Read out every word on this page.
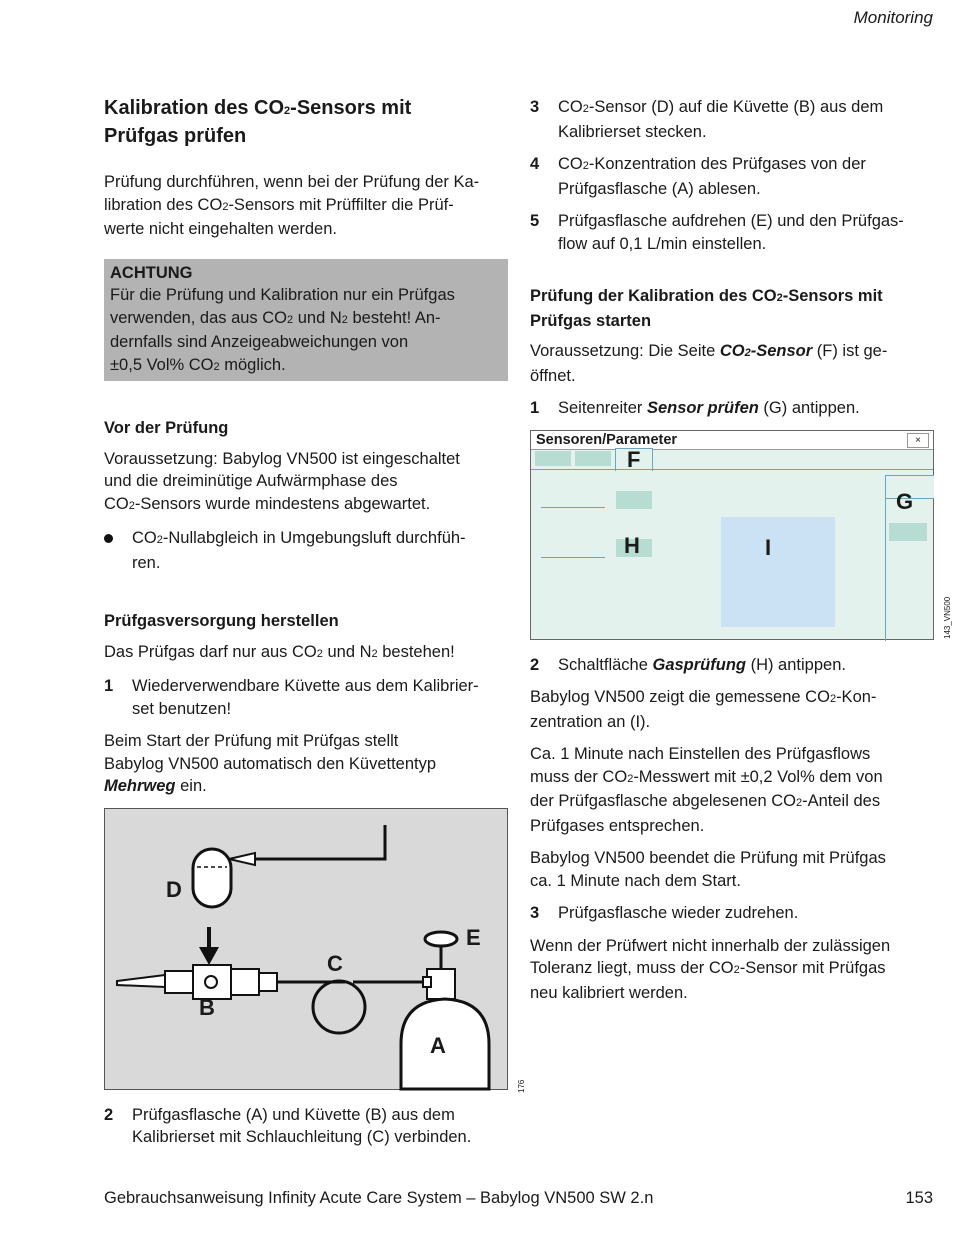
Monitoring
Kalibration des CO2-Sensors mit
Prüfgas prüfen

Prüfung durchführen, wenn bei der Prüfung der Ka-
libration des CO2-Sensors mit Prüffilter die Prüf-
werte nicht eingehalten werden.

ACHTUNG
Für die Prüfung und Kalibration nur ein Prüfgas
verwenden, das aus CO2 und N2 besteht! An-
dernfalls sind Anzeigeabweichungen von
±0,5 Vol% CO2 möglich.
Vor der Prüfung

Voraussetzung: Babylog VN500 ist eingeschaltet
und die dreiminütige Aufwärmphase des
CO2-Sensors wurde mindestens abgewartet.

CO2-Nullabgleich in Umgebungsluft durchfüh-
ren.
Prüfgasversorgung herstellen

Das Prüfgas darf nur aus CO2 und N2 bestehen!

1	Wiederverwendbare Küvette aus dem Kalibrier-
set benutzen!

Beim Start der Prüfung mit Prüfgas stellt
Babylog VN500 automatisch den Küvettentyp
Mehrweg ein.

D
B
C
E
A
176
2	Prüfgasflasche (A) und Küvette (B) aus dem
Kalibrierset mit Schlauchleitung (C) verbinden.
3	CO2-Sensor (D) auf die Küvette (B) aus dem
Kalibrierset stecken.
4	CO2-Konzentration des Prüfgases von der
Prüfgasflasche (A) ablesen.
5	Prüfgasflasche aufdrehen (E) und den Prüfgas-
flow auf 0,1 L/min einstellen.
Prüfung der Kalibration des CO2-Sensors mit
Prüfgas starten

Voraussetzung: Die Seite CO2-Sensor (F) ist ge-
öffnet.

1	Seitenreiter Sensor prüfen (G) antippen.
Sensoren/Parameter	×
F
G
H	I
143_VN500
2	Schaltfläche Gasprüfung (H) antippen.

Babylog VN500 zeigt die gemessene CO2-Kon-
zentration an (I).

Ca. 1 Minute nach Einstellen des Prüfgasflows
muss der CO2-Messwert mit ±0,2 Vol% dem von
der Prüfgasflasche abgelesenen CO2-Anteil des
Prüfgases entsprechen.

Babylog VN500 beendet die Prüfung mit Prüfgas
ca. 1 Minute nach dem Start.

3	Prüfgasflasche wieder zudrehen.

Wenn der Prüfwert nicht innerhalb der zulässigen
Toleranz liegt, muss der CO2-Sensor mit Prüfgas
neu kalibriert werden.

Gebrauchsanweisung Infinity Acute Care System – Babylog VN500 SW 2.n	153
